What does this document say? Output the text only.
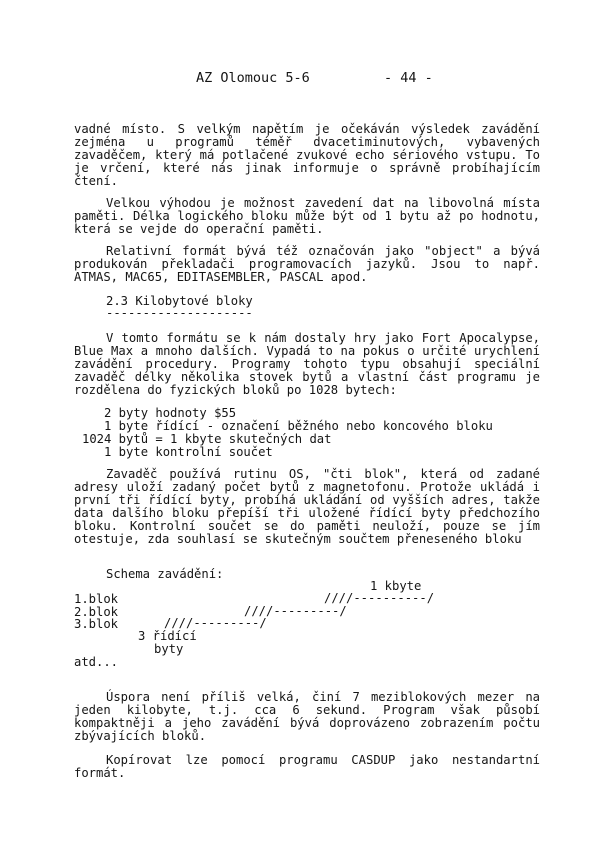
AZ Olomouc 5-6	- 44 -
vadné místo. S velkým napětím je očekáván výsledek zavádění
zejména u programů téměř dvacetiminutových, vybavených
zavaděčem, který má potlačené zvukové echo sériového vstupu. To
je vrčení, které nás jinak informuje o správně probíhajícím
čtení.
Velkou výhodou je možnost zavedení dat na libovolná místa
paměti. Délka logického bloku může být od 1 bytu až po hodnotu,
která se vejde do operační paměti.
Relativní formát bývá též označován jako "object" a bývá
produkován překladači programovacích jazyků. Jsou to např.
ATMAS, MAC65, EDITASEMBLER, PASCAL apod.
2.3 Kilobytové bloky
--------------------
V tomto formátu se k nám dostaly hry jako Fort Apocalypse,
Blue Max a mnoho dalších. Vypadá to na pokus o určité urychlení
zavádění procedury. Programy tohoto typu obsahují speciální
zavaděč délky několika stovek bytů a vlastní část programu je
rozdělena do fyzických bloků po 1028 bytech:
2 byty hodnoty $55
1 byte řídící - označení běžného nebo koncového bloku
1024 bytů = 1 kbyte skutečných dat
1 byte kontrolní součet
Zavaděč používá rutinu OS, "čti blok", která od zadané
adresy uloží zadaný počet bytů z magnetofonu. Protože ukládá i
první tři řídící byty, probíhá ukládání od vyšších adres, takže
data dalšího bloku přepíší tři uložené řídící byty předchozího
bloku. Kontrolní součet se do paměti neuloží, pouze se jím
otestuje, zda souhlasí se skutečným součtem přeneseného bloku
Schema zavádění:
1 kbyte
1.blok	////----------/
2.blok	////---------/
3.blok	////---------/
3 řídící
byty
atd...
Úspora není příliš velká, činí 7 meziblokových mezer na
jeden kilobyte, t.j. cca 6 sekund. Program však působí
kompaktněji a jeho zavádění bývá doprovázeno zobrazením počtu
zbývajících bloků.
Kopírovat lze pomocí programu CASDUP jako nestandartní
formát.
